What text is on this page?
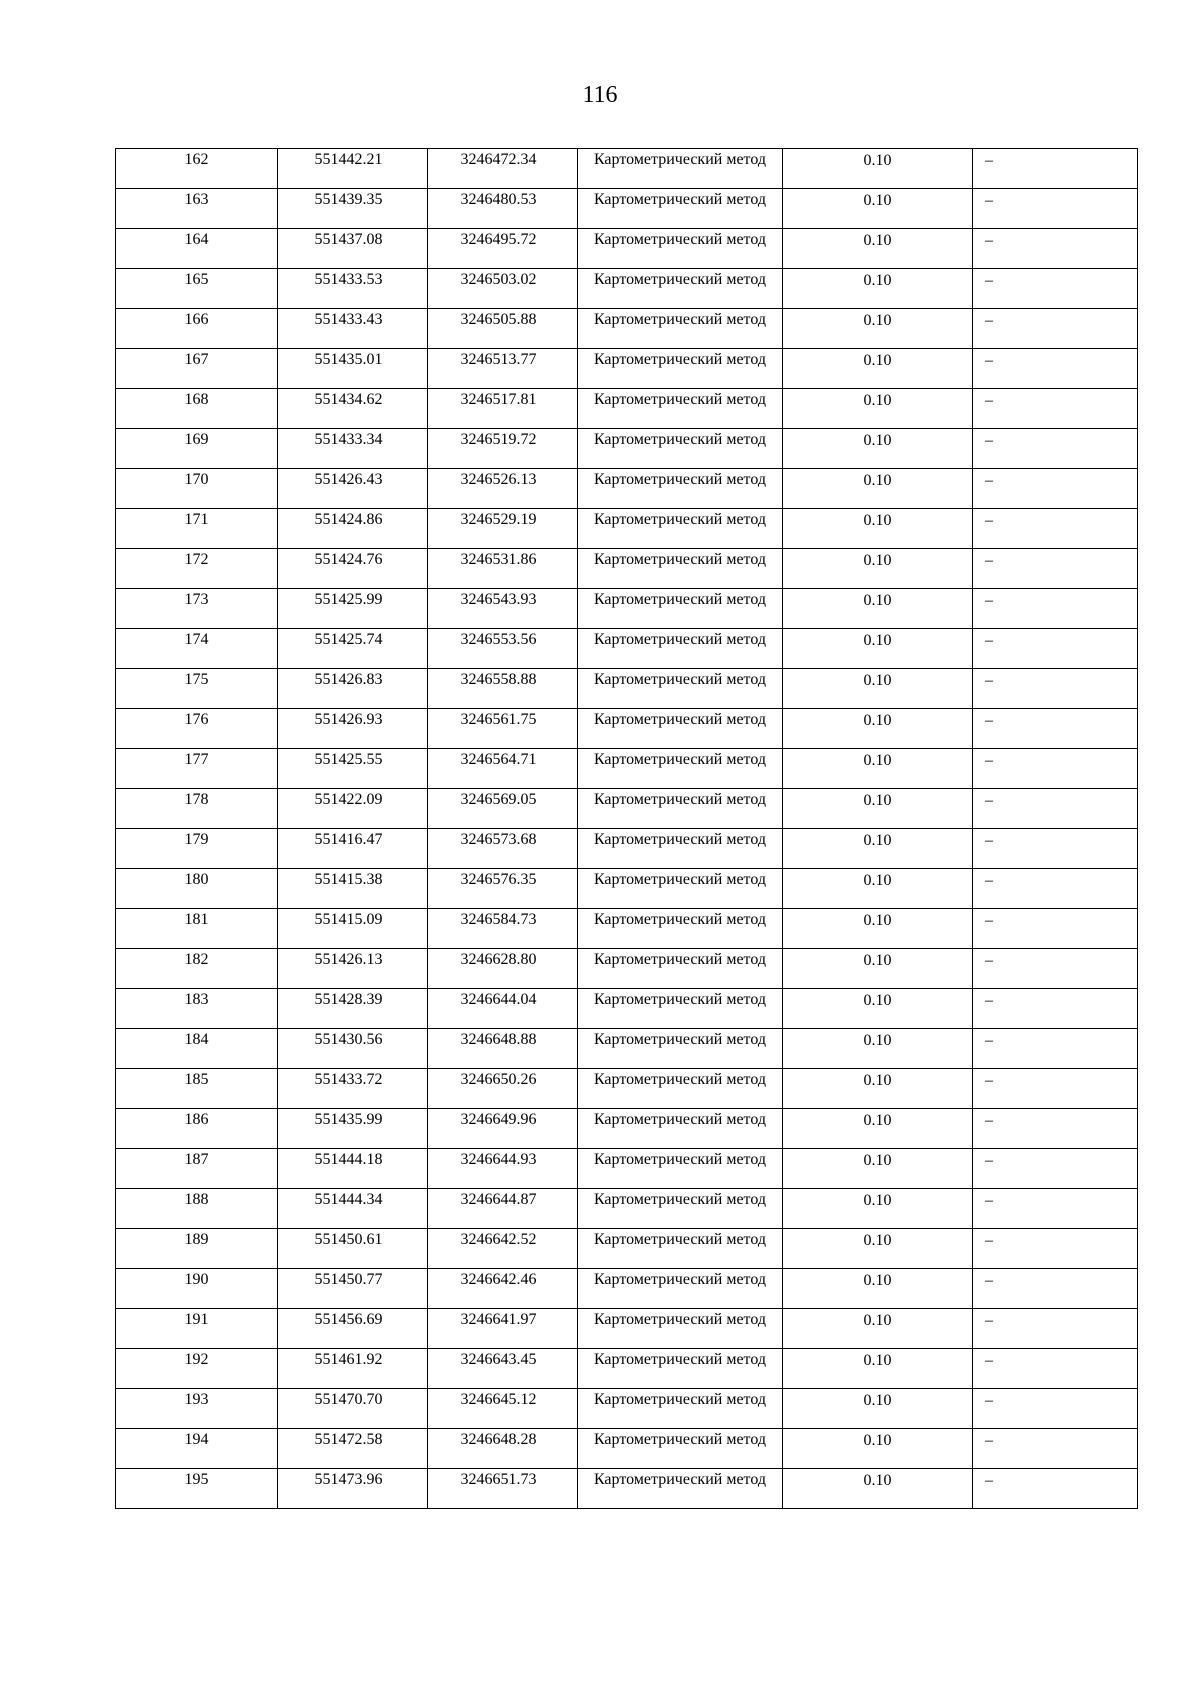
116
162	551442.21	3246472.34	Картометрический метод	0.10	–
163	551439.35	3246480.53	Картометрический метод	0.10	–
164	551437.08	3246495.72	Картометрический метод	0.10	–
165	551433.53	3246503.02	Картометрический метод	0.10	–
166	551433.43	3246505.88	Картометрический метод	0.10	–
167	551435.01	3246513.77	Картометрический метод	0.10	–
168	551434.62	3246517.81	Картометрический метод	0.10	–
169	551433.34	3246519.72	Картометрический метод	0.10	–
170	551426.43	3246526.13	Картометрический метод	0.10	–
171	551424.86	3246529.19	Картометрический метод	0.10	–
172	551424.76	3246531.86	Картометрический метод	0.10	–
173	551425.99	3246543.93	Картометрический метод	0.10	–
174	551425.74	3246553.56	Картометрический метод	0.10	–
175	551426.83	3246558.88	Картометрический метод	0.10	–
176	551426.93	3246561.75	Картометрический метод	0.10	–
177	551425.55	3246564.71	Картометрический метод	0.10	–
178	551422.09	3246569.05	Картометрический метод	0.10	–
179	551416.47	3246573.68	Картометрический метод	0.10	–
180	551415.38	3246576.35	Картометрический метод	0.10	–
181	551415.09	3246584.73	Картометрический метод	0.10	–
182	551426.13	3246628.80	Картометрический метод	0.10	–
183	551428.39	3246644.04	Картометрический метод	0.10	–
184	551430.56	3246648.88	Картометрический метод	0.10	–
185	551433.72	3246650.26	Картометрический метод	0.10	–
186	551435.99	3246649.96	Картометрический метод	0.10	–
187	551444.18	3246644.93	Картометрический метод	0.10	–
188	551444.34	3246644.87	Картометрический метод	0.10	–
189	551450.61	3246642.52	Картометрический метод	0.10	–
190	551450.77	3246642.46	Картометрический метод	0.10	–
191	551456.69	3246641.97	Картометрический метод	0.10	–
192	551461.92	3246643.45	Картометрический метод	0.10	–
193	551470.70	3246645.12	Картометрический метод	0.10	–
194	551472.58	3246648.28	Картометрический метод	0.10	–
195	551473.96	3246651.73	Картометрический метод	0.10	–
